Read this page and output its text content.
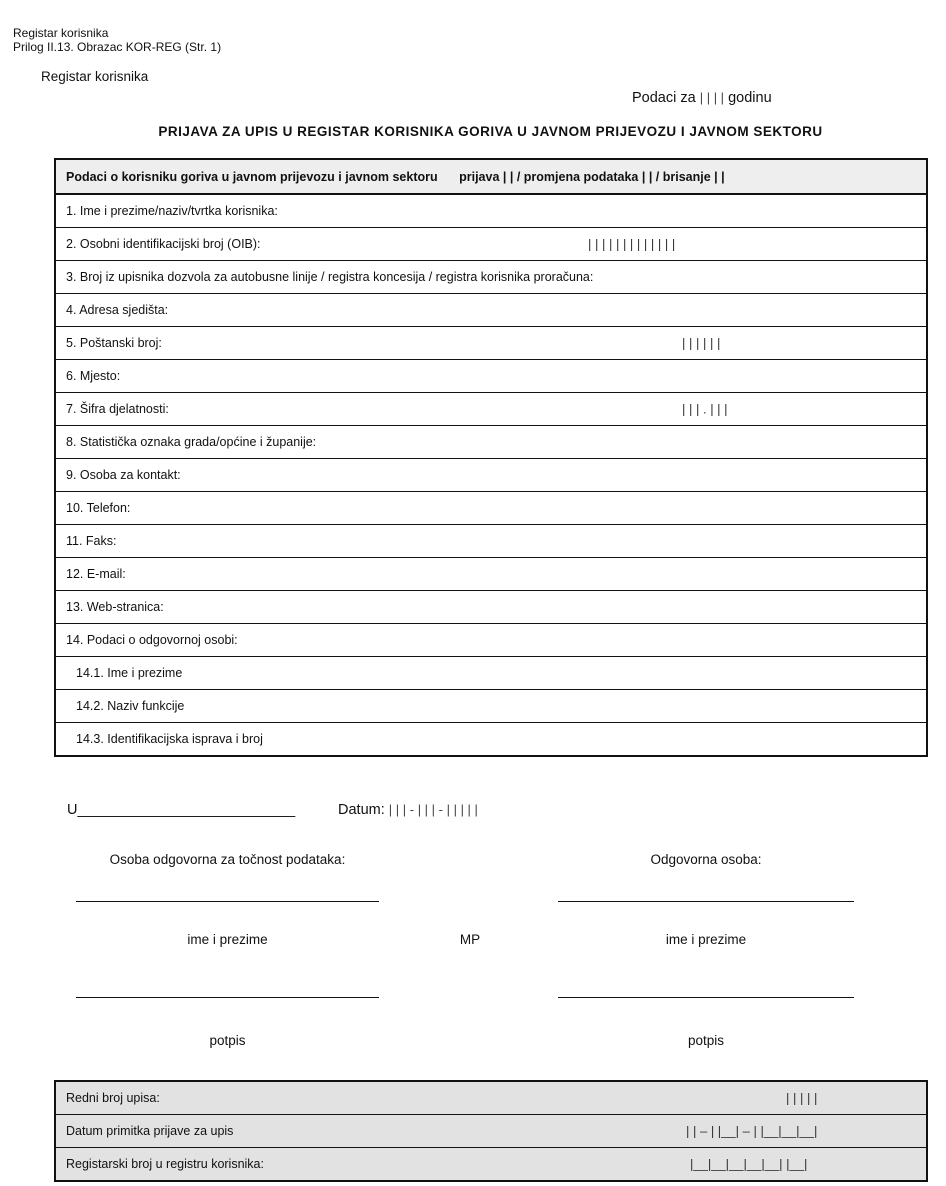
Registar korisnika
Prilog II.13. Obrazac KOR-REG (Str. 1)
Registar korisnika
Podaci za | | | | godinu
PRIJAVA ZA UPIS U REGISTAR KORISNIKA GORIVA U JAVNOM PRIJEVOZU I JAVNOM SEKTORU
Podaci o korisniku goriva u javnom prijevozu i javnom sektoru prijava | | / promjena podataka | | / brisanje | |
1. Ime i prezime/naziv/tvrtka korisnika:
2. Osobni identifikacijski broj (OIB):	| | | | | | | | | | | | |

3. Broj iz upisnika dozvola za autobusne linije / registra koncesija / registra korisnika proračuna:
4. Adresa sjedišta:
5. Poštanski broj:	| | | | | |

6. Mjesto:
7. Šifra djelatnosti:	| | | . | | |

8. Statistička oznaka grada/općine i županije:
9. Osoba za kontakt:
10. Telefon:
11. Faks:
12. E-mail:
13. Web-stranica:
14. Podaci o odgovornoj osobi:
14.1. Ime i prezime
14.2. Naziv funkcije
14.3. Identifikacijska isprava i broj
U___________________________	Datum: | | | - | | | - | | | | |
Osoba odgovorna za točnost podataka:	Odgovorna osoba:
ime i prezime	MP	ime i prezime
potpis	potpis
Redni broj upisa:	| | | | |

Datum primitka prijave za upis	| | – | |__| – | |__|__|__|

Registarski broj u registru korisnika:	|__|__|__|__|__| |__|
